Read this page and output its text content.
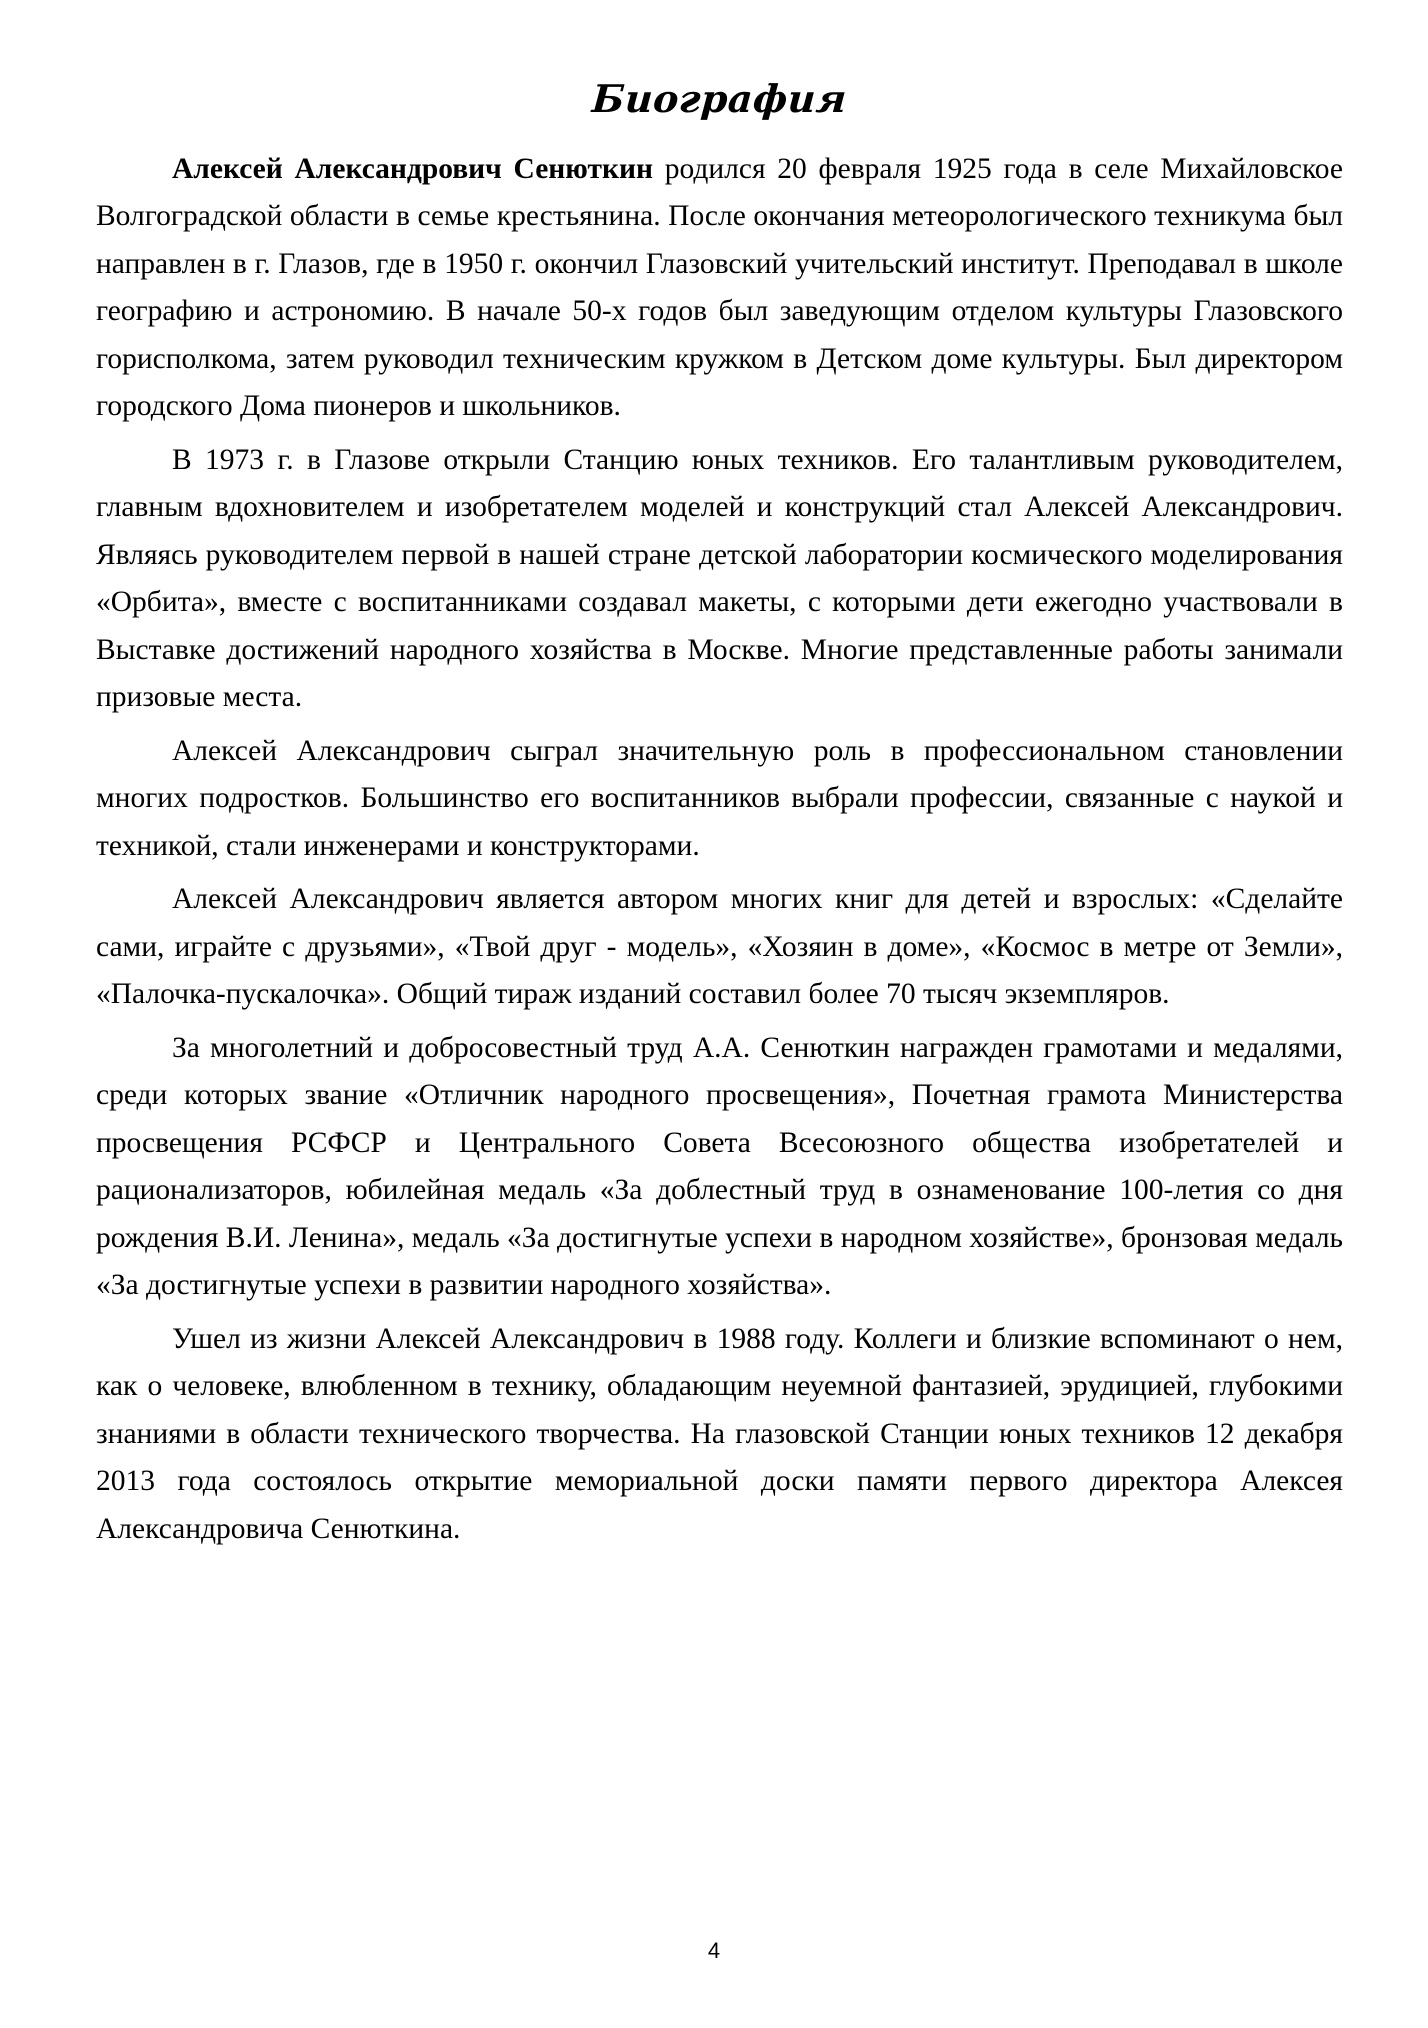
Биография

Алексей Александрович Сенюткин родился 20 февраля 1925 года в селе Михайловское Волгоградской области в семье крестьянина. После окончания метеорологического техникума был направлен в г. Глазов, где в 1950 г. окончил Глазовский учительский институт. Преподавал в школе географию и астрономию. В начале 50-х годов был заведующим отделом культуры Глазовского горисполкома, затем руководил техническим кружком в Детском доме культуры. Был директором городского Дома пионеров и школьников.

В 1973 г. в Глазове открыли Станцию юных техников. Его талантливым руководителем, главным вдохновителем и изобретателем моделей и конструкций стал Алексей Александрович. Являясь руководителем первой в нашей стране детской лаборатории космического моделирования «Орбита», вместе с воспитанниками создавал макеты, с которыми дети ежегодно участвовали в Выставке достижений народного хозяйства в Москве. Многие представленные работы занимали призовые места.

Алексей Александрович сыграл значительную роль в профессиональном становлении многих подростков. Большинство его воспитанников выбрали профессии, связанные с наукой и техникой, стали инженерами и конструкторами.

Алексей Александрович является автором многих книг для детей и взрослых: «Сделайте сами, играйте с друзьями», «Твой друг - модель», «Хозяин в доме», «Космос в метре от Земли», «Палочка-пускалочка». Общий тираж изданий составил более 70 тысяч экземпляров.

За многолетний и добросовестный труд А.А. Сенюткин награжден грамотами и медалями, среди которых звание «Отличник народного просвещения», Почетная грамота Министерства просвещения РСФСР и Центрального Совета Всесоюзного общества изобретателей и рационализаторов, юбилейная медаль «За доблестный труд в ознаменование 100-летия со дня рождения В.И. Ленина», медаль «За достигнутые успехи в народном хозяйстве», бронзовая медаль «За достигнутые успехи в развитии народного хозяйства».

Ушел из жизни Алексей Александрович в 1988 году. Коллеги и близкие вспоминают о нем, как о человеке, влюбленном в технику, обладающим неуемной фантазией, эрудицией, глубокими знаниями в области технического творчества. На глазовской Станции юных техников 12 декабря 2013 года состоялось открытие мемориальной доски памяти первого директора Алексея Александровича Сенюткина.

4
